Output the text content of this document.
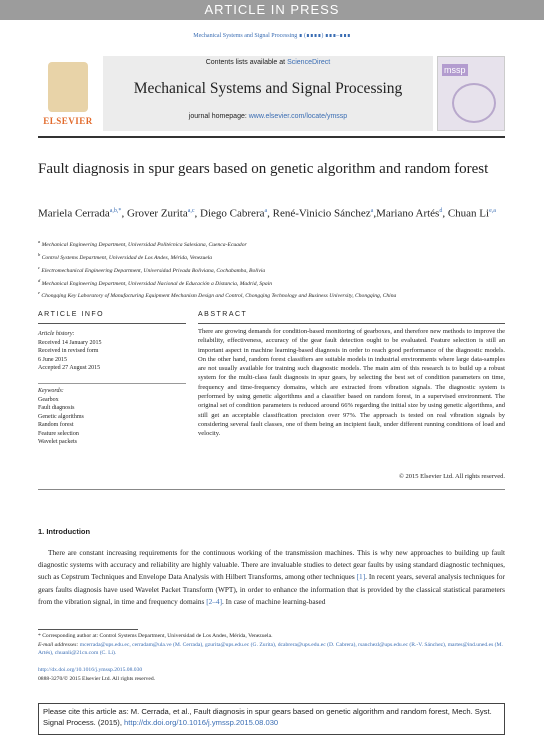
ARTICLE IN PRESS
Mechanical Systems and Signal Processing ∎ (∎∎∎∎) ∎∎∎–∎∎∎
ELSEVIER
Contents lists available at ScienceDirect
Mechanical Systems and Signal Processing
journal homepage: www.elsevier.com/locate/ymssp
mssp
Fault diagnosis in spur gears based on genetic algorithm and random forest
Mariela Cerrada$^{a,b,*}$, Grover Zurita$^{a,c}$, Diego Cabrera$^a$, René-Vinicio Sánchez$^a$,Mariano Artés$^d$, Chuan Li$^{e,a}$
$^a$ Mechanical Engineering Department, Universidad Politécnica Salesiana, Cuenca-Ecuador
$^b$ Control Systems Department, Universidad de Los Andes, Mérida, Venezuela
$^c$ Electromechanical Engineering Department, Universidad Privada Boliviana, Cochabamba, Bolivia
$^d$ Mechanical Engineering Department, Universidad Nacional de Educación a Distancia, Madrid, Spain
$^e$ Chongqing Key Laboratory of Manufacturing Equipment Mechanism Design and Control, Chongqing Technology and Business University, Chongqing, China
ARTICLE INFO	ABSTRACT
Article history:
Received 14 January 2015
Received in revised form
6 June 2015
Accepted 27 August 2015
Keywords:
Gearbox
Fault diagnosis
Genetic algorithms
Random forest
Feature selection
Wavelet packets
There are growing demands for condition-based monitoring of gearboxes, and therefore new methods to improve the reliability, effectiveness, accuracy of the gear fault detection ought to be evaluated. Feature selection is still an important aspect in machine learning-based diagnosis in order to reach good performance of the diagnostic models. On the other hand, random forest classifiers are suitable models in industrial environments where large data-samples are not usually available for training such diagnostic models. The main aim of this research is to build up a robust system for the multi-class fault diagnosis in spur gears, by selecting the best set of condition parameters on time, frequency and time-frequency domains, which are extracted from vibration signals. The diagnostic system is performed by using genetic algorithms and a classifier based on random forest, in a supervised environment. The original set of condition parameters is reduced around 66% regarding the initial size by using genetic algorithms, and still get an acceptable classification precision over 97%. The approach is tested on real vibration signals by considering several fault classes, one of them being an incipient fault, under different running conditions of load and velocity.
© 2015 Elsevier Ltd. All rights reserved.
1. Introduction
There are constant increasing requirements for the continuous working of the transmission machines. This is why new approaches to building up fault diagnostic systems with accuracy and reliability are highly valuable. There are invaluable studies to detect gear faults by using standard diagnostic techniques, such as Cepstrum Techniques and Envelope Data Analysis with Hilbert Transforms, among other techniques [1]. In recent years, several analysis techniques for gears faults diagnosis have used Wavelet Packet Transform (WPT), in order to enhance the information that is provided by the classical statistical parameters from the vibration signal, in time and frequency domains [2–4]. In case of machine learning-based
* Corresponding author at: Control Systems Department, Universidad de Los Andes, Mérida, Venezuela.
E-mail addresses: mcerrada@ups.edu.ec, cerradam@ula.ve (M. Cerrada), gzurita@ups.edu.ec (G. Zurita), dcabrera@ups.edu.ec (D. Cabrera), rsanchezl@ups.edu.ec (R.-V. Sánchez), martes@ind.uned.es (M. Artés), chuanli@21cn.com (C. Li).
http://dx.doi.org/10.1016/j.ymssp.2015.08.030
0888-3270/© 2015 Elsevier Ltd. All rights reserved.
Please cite this article as: M. Cerrada, et al., Fault diagnosis in spur gears based on genetic algorithm and random forest, Mech. Syst. Signal Process. (2015), http://dx.doi.org/10.1016/j.ymssp.2015.08.030
